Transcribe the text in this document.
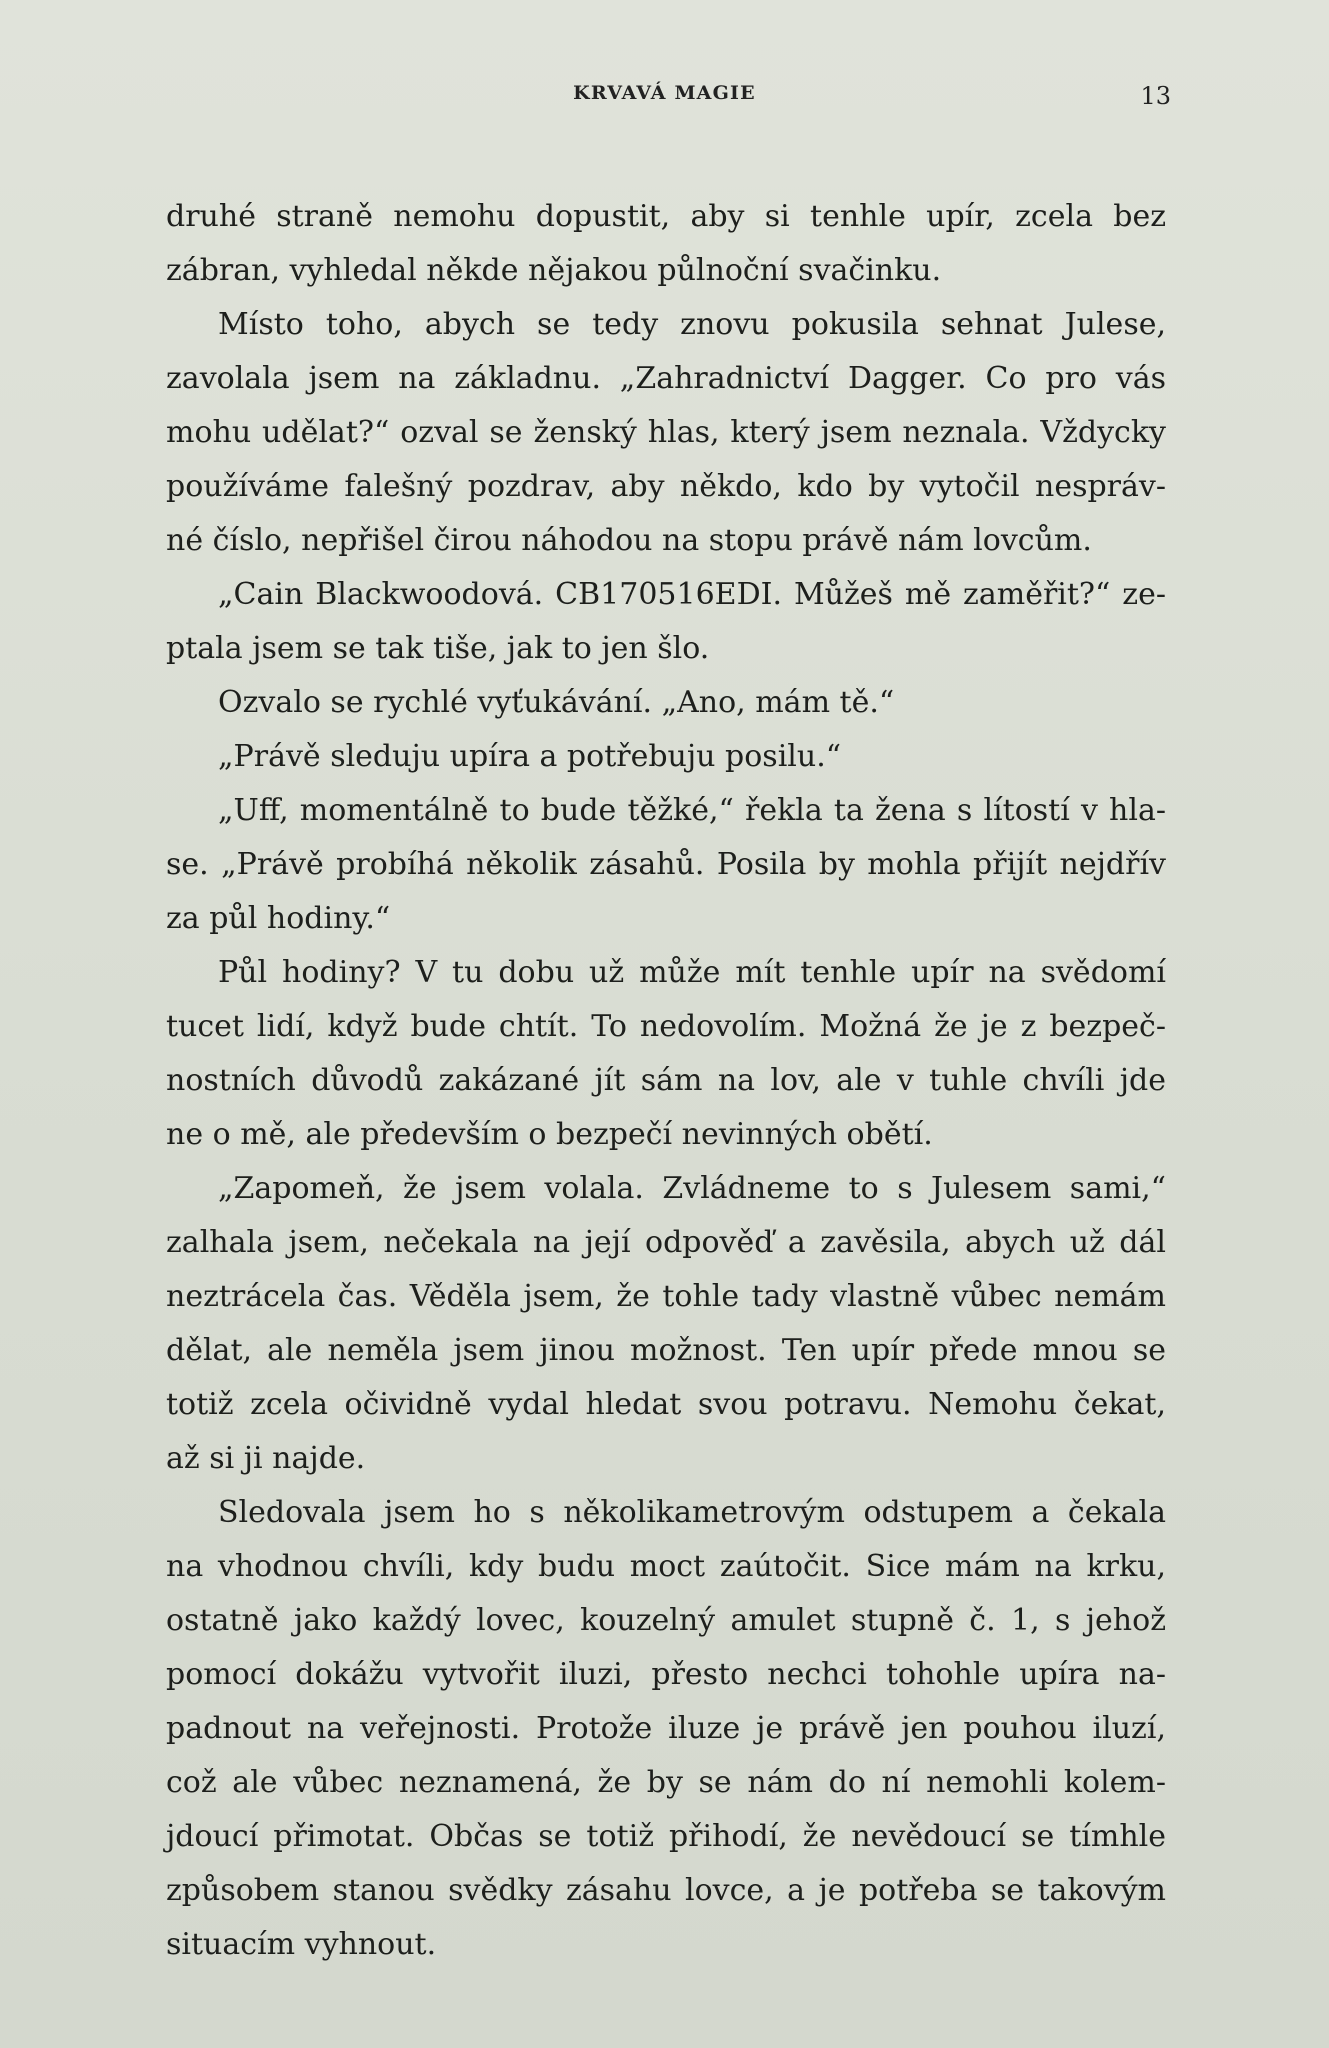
KRVAVÁ MAGIE	13
druhé straně nemohu dopustit, aby si tenhle upír, zcela bez
zábran, vyhledal někde nějakou půlnoční svačinku.
Místo toho, abych se tedy znovu pokusila sehnat Julese,
zavolala jsem na základnu. „Zahradnictví Dagger. Co pro vás
mohu udělat?“ ozval se ženský hlas, který jsem neznala. Vždycky
používáme falešný pozdrav, aby někdo, kdo by vytočil nespráv-
né číslo, nepřišel čirou náhodou na stopu právě nám lovcům.
„Cain Blackwoodová. CB170516EDI. Můžeš mě zaměřit?“ ze-
ptala jsem se tak tiše, jak to jen šlo.
Ozvalo se rychlé vyťukávání. „Ano, mám tě.“
„Právě sleduju upíra a potřebuju posilu.“
„Uff, momentálně to bude těžké,“ řekla ta žena s lítostí v hla-
se. „Právě probíhá několik zásahů. Posila by mohla přijít nejdřív
za půl hodiny.“
Půl hodiny? V tu dobu už může mít tenhle upír na svědomí
tucet lidí, když bude chtít. To nedovolím. Možná že je z bezpeč-
nostních důvodů zakázané jít sám na lov, ale v tuhle chvíli jde
ne o mě, ale především o bezpečí nevinných obětí.
„Zapomeň, že jsem volala. Zvládneme to s Julesem sami,“
zalhala jsem, nečekala na její odpověď a zavěsila, abych už dál
neztrácela čas. Věděla jsem, že tohle tady vlastně vůbec nemám
dělat, ale neměla jsem jinou možnost. Ten upír přede mnou se
totiž zcela očividně vydal hledat svou potravu. Nemohu čekat,
až si ji najde.
Sledovala jsem ho s několikametrovým odstupem a čekala
na vhodnou chvíli, kdy budu moct zaútočit. Sice mám na krku,
ostatně jako každý lovec, kouzelný amulet stupně č. 1, s jehož
pomocí dokážu vytvořit iluzi, přesto nechci tohohle upíra na-
padnout na veřejnosti. Protože iluze je právě jen pouhou iluzí,
což ale vůbec neznamená, že by se nám do ní nemohli kolem-
jdoucí přimotat. Občas se totiž přihodí, že nevědoucí se tímhle
způsobem stanou svědky zásahu lovce, a je potřeba se takovým
situacím vyhnout.
